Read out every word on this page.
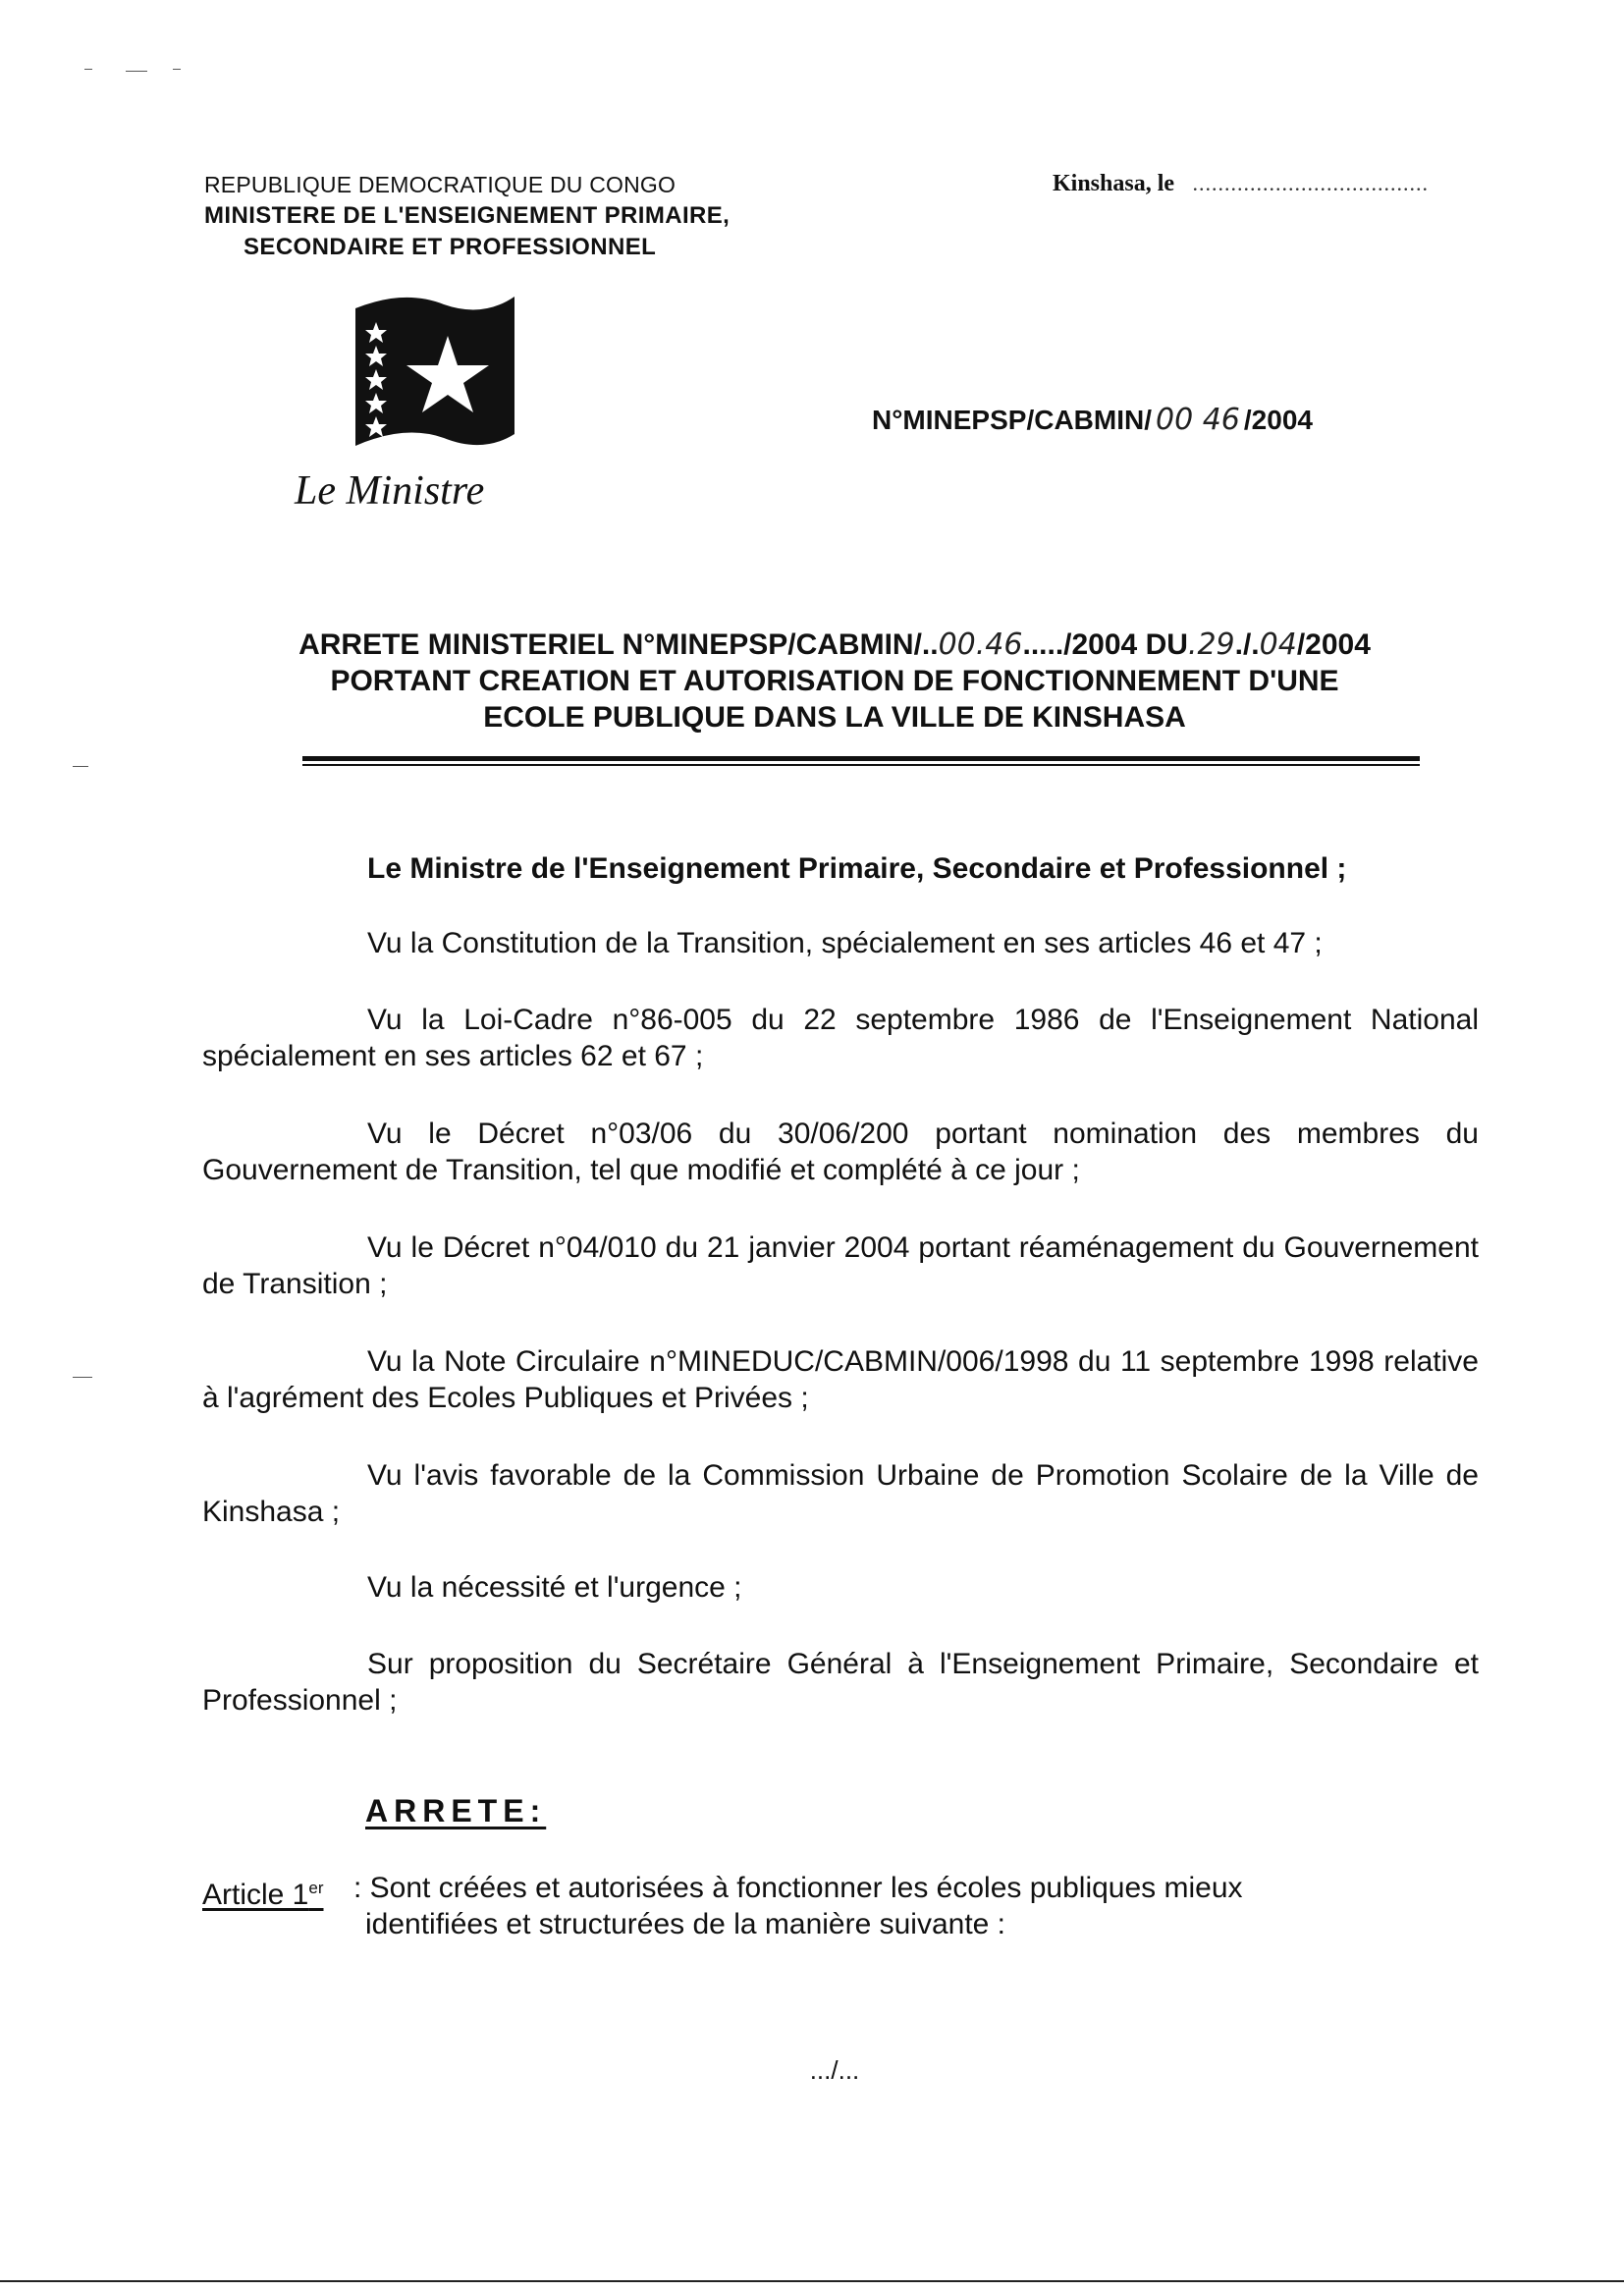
REPUBLIQUE DEMOCRATIQUE DU CONGO
MINISTERE DE L'ENSEIGNEMENT PRIMAIRE,
SECONDAIRE ET PROFESSIONNEL
Kinshasa, le .....................................
Le Ministre
N°MINEPSP/CABMIN/ 00 46 /2004
ARRETE MINISTERIEL N°MINEPSP/CABMIN/..00.46...../2004 DU.29./.04/2004
PORTANT CREATION ET AUTORISATION DE FONCTIONNEMENT D'UNE
ECOLE PUBLIQUE DANS LA VILLE DE KINSHASA
Le Ministre de l'Enseignement Primaire, Secondaire et Professionnel ;
Vu la Constitution de la Transition, spécialement en ses articles 46 et 47 ;
Vu la Loi-Cadre n°86-005 du 22 septembre 1986 de l'Enseignement National spécialement en ses articles 62 et 67 ;
Vu le Décret n°03/06 du 30/06/200 portant nomination des membres du Gouvernement de Transition, tel que modifié et complété à ce jour ;
Vu le Décret n°04/010 du 21 janvier 2004 portant réaménagement du Gouvernement de Transition ;
Vu la Note Circulaire n°MINEDUC/CABMIN/006/1998 du 11 septembre 1998 relative à l'agrément des Ecoles Publiques et Privées ;
Vu l'avis favorable de la Commission Urbaine de Promotion Scolaire de la Ville de Kinshasa ;
Vu la nécessité et l'urgence ;
Sur proposition du Secrétaire Général à l'Enseignement Primaire, Secondaire et Professionnel ;
ARRETE:
Article 1er : Sont créées et autorisées à fonctionner les écoles publiques mieux
identifiées et structurées de la manière suivante :
.../...
